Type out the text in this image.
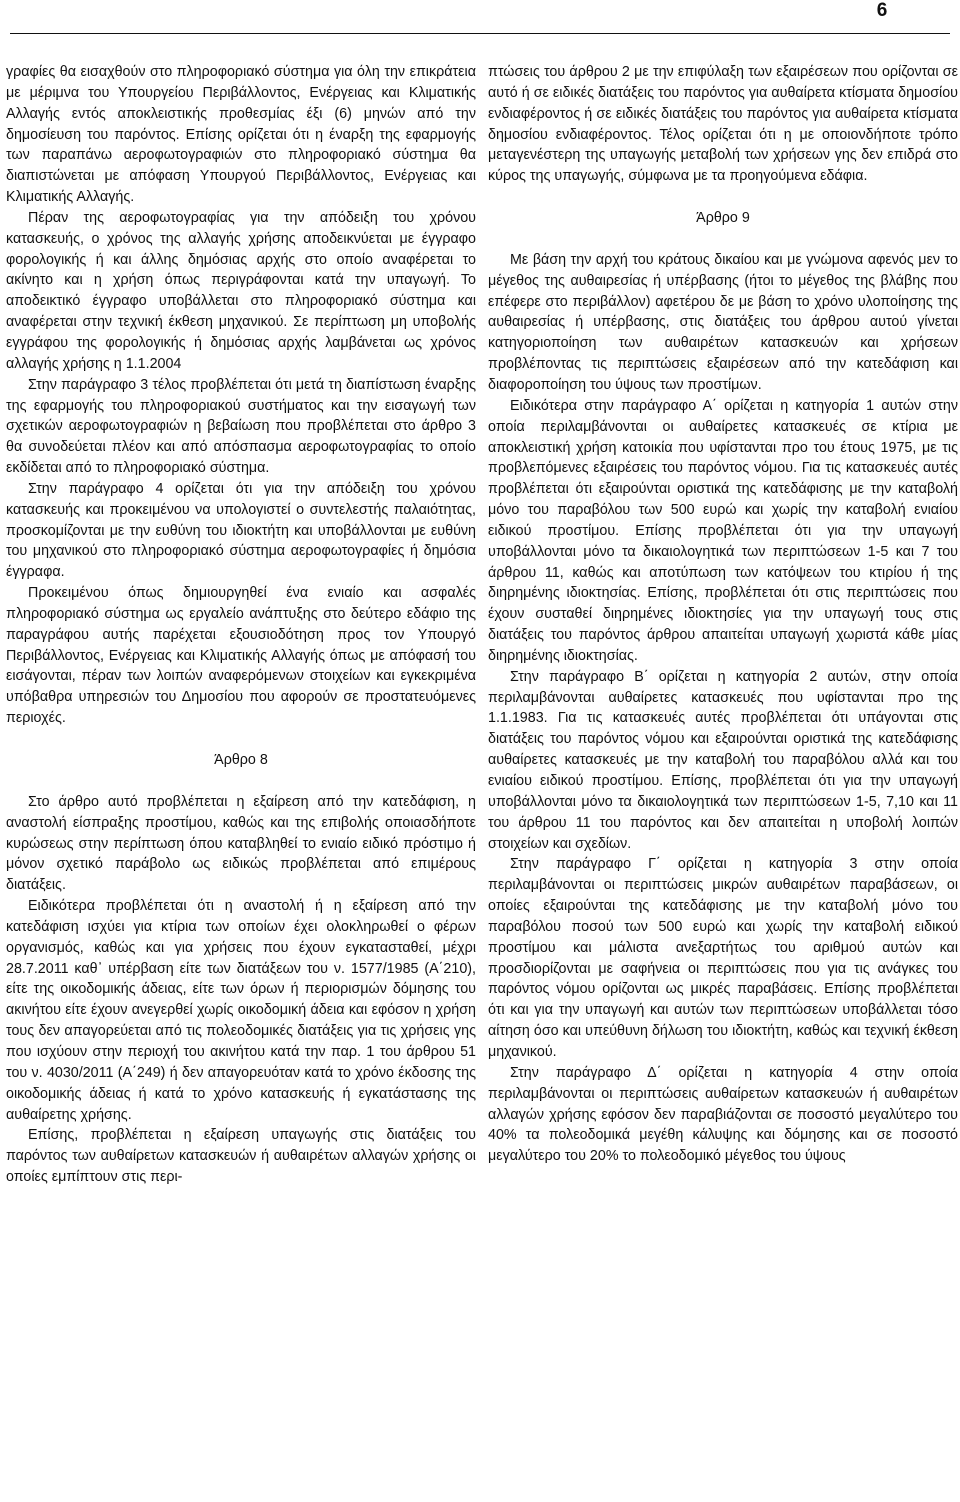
6

γραφίες θα εισαχθούν στο πληροφοριακό σύστημα για όλη την επικράτεια με μέριμνα του Υπουργείου Περιβάλλοντος, Ενέργειας και Κλιματικής Αλλαγής εντός αποκλειστικής προθεσμίας έξι (6) μηνών από την δημοσίευση του παρόντος. Επίσης ορίζεται ότι η έναρξη της εφαρμογής των παραπάνω αεροφωτογραφιών στο πληροφοριακό σύστημα θα διαπιστώνεται με απόφαση Υπουργού Περιβάλλοντος, Ενέργειας και Κλιματικής Αλλαγής.

Πέραν της αεροφωτογραφίας για την απόδειξη του χρόνου κατασκευής, ο χρόνος της αλλαγής χρήσης αποδεικνύεται με έγγραφο φορολογικής ή και άλλης δημόσιας αρχής στο οποίο αναφέρεται το ακίνητο και η χρήση όπως περιγράφονται κατά την υπαγωγή. Το αποδεικτικό έγγραφο υποβάλλεται στο πληροφοριακό σύστημα και αναφέρεται στην τεχνική έκθεση μηχανικού. Σε περίπτωση μη υποβολής εγγράφου της φορολογικής ή δημόσιας αρχής λαμβάνεται ως χρόνος αλλαγής χρήσης η 1.1.2004

Στην παράγραφο 3 τέλος προβλέπεται ότι μετά τη διαπίστωση έναρξης της εφαρμογής του πληροφοριακού συστήματος και την εισαγωγή των σχετικών αεροφωτογραφιών η βεβαίωση που προβλέπεται στο άρθρο 3 θα συνοδεύεται πλέον και από απόσπασμα αεροφωτογραφίας το οποίο εκδίδεται από το πληροφοριακό σύστημα.

Στην παράγραφο 4 ορίζεται ότι για την απόδειξη του χρόνου κατασκευής και προκειμένου να υπολογιστεί ο συντελεστής παλαιότητας, προσκομίζονται με την ευθύνη του ιδιοκτήτη και υποβάλλονται με ευθύνη του μηχανικού στο πληροφοριακό σύστημα αεροφωτογραφίες ή δημόσια έγγραφα.

Προκειμένου όπως δημιουργηθεί ένα ενιαίο και ασφαλές πληροφοριακό σύστημα ως εργαλείο ανάπτυξης στο δεύτερο εδάφιο της παραγράφου αυτής παρέχεται εξουσιοδότηση προς τον Υπουργό Περιβάλλοντος, Ενέργειας και Κλιματικής Αλλαγής όπως με απόφασή του εισάγονται, πέραν των λοιπών αναφερόμενων στοιχείων και εγκεκριμένα υπόβαθρα υπηρεσιών του Δημοσίου που αφορούν σε προστατευόμενες περιοχές.

Άρθρο 8

Στο άρθρο αυτό προβλέπεται η εξαίρεση από την κατεδάφιση, η αναστολή είσπραξης προστίμου, καθώς και της επιβολής οποιασδήποτε κυρώσεως στην περίπτωση όπου καταβληθεί το ενιαίο ειδικό πρόστιμο ή μόνον σχετικό παράβολο ως ειδικώς προβλέπεται από επιμέρους διατάξεις.

Ειδικότερα προβλέπεται ότι η αναστολή ή η εξαίρεση από την κατεδάφιση ισχύει για κτίρια των οποίων έχει ολοκληρωθεί ο φέρων οργανισμός, καθώς και για χρήσεις που έχουν εγκατασταθεί, μέχρι 28.7.2011 καθ᾽ υπέρβαση είτε των διατάξεων του ν. 1577/1985 (Α΄210), είτε της οικοδομικής άδειας, είτε των όρων ή περιορισμών δόμησης του ακινήτου είτε έχουν ανεγερθεί χωρίς οικοδομική άδεια και εφόσον η χρήση τους δεν απαγορεύεται από τις πολεοδομικές διατάξεις για τις χρήσεις γης που ισχύουν στην περιοχή του ακινήτου κατά την παρ. 1 του άρθρου 51 του ν. 4030/2011 (Α΄249) ή δεν απαγορευόταν κατά το χρόνο έκδοσης της οικοδομικής άδειας ή κατά το χρόνο κατασκευής ή εγκατάστασης της αυθαίρετης χρήσης.

Επίσης, προβλέπεται η εξαίρεση υπαγωγής στις διατάξεις του παρόντος των αυθαίρετων κατασκευών ή αυθαιρέτων αλλαγών χρήσης οι οποίες εμπίπτουν στις περι-

πτώσεις του άρθρου 2 με την επιφύλαξη των εξαιρέσεων που ορίζονται σε αυτό ή σε ειδικές διατάξεις του παρόντος για αυθαίρετα κτίσματα δημοσίου ενδιαφέροντος ή σε ειδικές διατάξεις του παρόντος για αυθαίρετα κτίσματα δημοσίου ενδιαφέροντος. Τέλος ορίζεται ότι η με οποιονδήποτε τρόπο μεταγενέστερη της υπαγωγής μεταβολή των χρήσεων γης δεν επιδρά στο κύρος της υπαγωγής, σύμφωνα με τα προηγούμενα εδάφια.

Άρθρο 9

Με βάση την αρχή του κράτους δικαίου και με γνώμονα αφενός μεν το μέγεθος της αυθαιρεσίας ή υπέρβασης (ήτοι το μέγεθος της βλάβης που επέφερε στο περιβάλλον) αφετέρου δε με βάση το χρόνο υλοποίησης της αυθαιρεσίας ή υπέρβασης, στις διατάξεις του άρθρου αυτού γίνεται κατηγοριοποίηση των αυθαιρέτων κατασκευών και χρήσεων προβλέποντας τις περιπτώσεις εξαιρέσεων από την κατεδάφιση και διαφοροποίηση του ύψους των προστίμων.

Ειδικότερα στην παράγραφο Α΄ ορίζεται η κατηγορία 1 αυτών στην οποία περιλαμβάνονται οι αυθαίρετες κατασκευές σε κτίρια με αποκλειστική χρήση κατοικία που υφίστανται προ του έτους 1975, με τις προβλεπόμενες εξαιρέσεις του παρόντος νόμου. Για τις κατασκευές αυτές προβλέπεται ότι εξαιρούνται οριστικά της κατεδάφισης με την καταβολή μόνο του παραβόλου των 500 ευρώ και χωρίς την καταβολή ενιαίου ειδικού προστίμου. Επίσης προβλέπεται ότι για την υπαγωγή υποβάλλονται μόνο τα δικαιολογητικά των περιπτώσεων 1-5 και 7 του άρθρου 11, καθώς και αποτύπωση των κατόψεων του κτιρίου ή της διηρημένης ιδιοκτησίας. Επίσης, προβλέπεται ότι στις περιπτώσεις που έχουν συσταθεί διηρημένες ιδιοκτησίες για την υπαγωγή τους στις διατάξεις του παρόντος άρθρου απαιτείται υπαγωγή χωριστά κάθε μίας διηρημένης ιδιοκτησίας.

Στην παράγραφο Β΄ ορίζεται η κατηγορία 2 αυτών, στην οποία περιλαμβάνονται αυθαίρετες κατασκευές που υφίστανται προ της 1.1.1983. Για τις κατασκευές αυτές προβλέπεται ότι υπάγονται στις διατάξεις του παρόντος νόμου και εξαιρούνται οριστικά της κατεδάφισης αυθαίρετες κατασκευές με την καταβολή του παραβόλου αλλά και του ενιαίου ειδικού προστίμου. Επίσης, προβλέπεται ότι για την υπαγωγή υποβάλλονται μόνο τα δικαιολογητικά των περιπτώσεων 1-5, 7,10 και 11 του άρθρου 11 του παρόντος και δεν απαιτείται η υποβολή λοιπών στοιχείων και σχεδίων.

Στην παράγραφο Γ΄ ορίζεται η κατηγορία 3 στην οποία περιλαμβάνονται οι περιπτώσεις μικρών αυθαιρέτων παραβάσεων, οι οποίες εξαιρούνται της κατεδάφισης με την καταβολή μόνο του παραβόλου ποσού των 500 ευρώ και χωρίς την καταβολή ειδικού προστίμου και μάλιστα ανεξαρτήτως του αριθμού αυτών και προσδιορίζονται με σαφήνεια οι περιπτώσεις που για τις ανάγκες του παρόντος νόμου ορίζονται ως μικρές παραβάσεις. Επίσης προβλέπεται ότι και για την υπαγωγή και αυτών των περιπτώσεων υποβάλλεται τόσο αίτηση όσο και υπεύθυνη δήλωση του ιδιοκτήτη, καθώς και τεχνική έκθεση μηχανικού.

Στην παράγραφο Δ΄ ορίζεται η κατηγορία 4 στην οποία περιλαμβάνονται οι περιπτώσεις αυθαίρετων κατασκευών ή αυθαιρέτων αλλαγών χρήσης εφόσον δεν παραβιάζονται σε ποσοστό μεγαλύτερο του 40% τα πολεοδομικά μεγέθη κάλυψης και δόμησης και σε ποσοστό μεγαλύτερο του 20% το πολεοδομικό μέγεθος του ύψους
